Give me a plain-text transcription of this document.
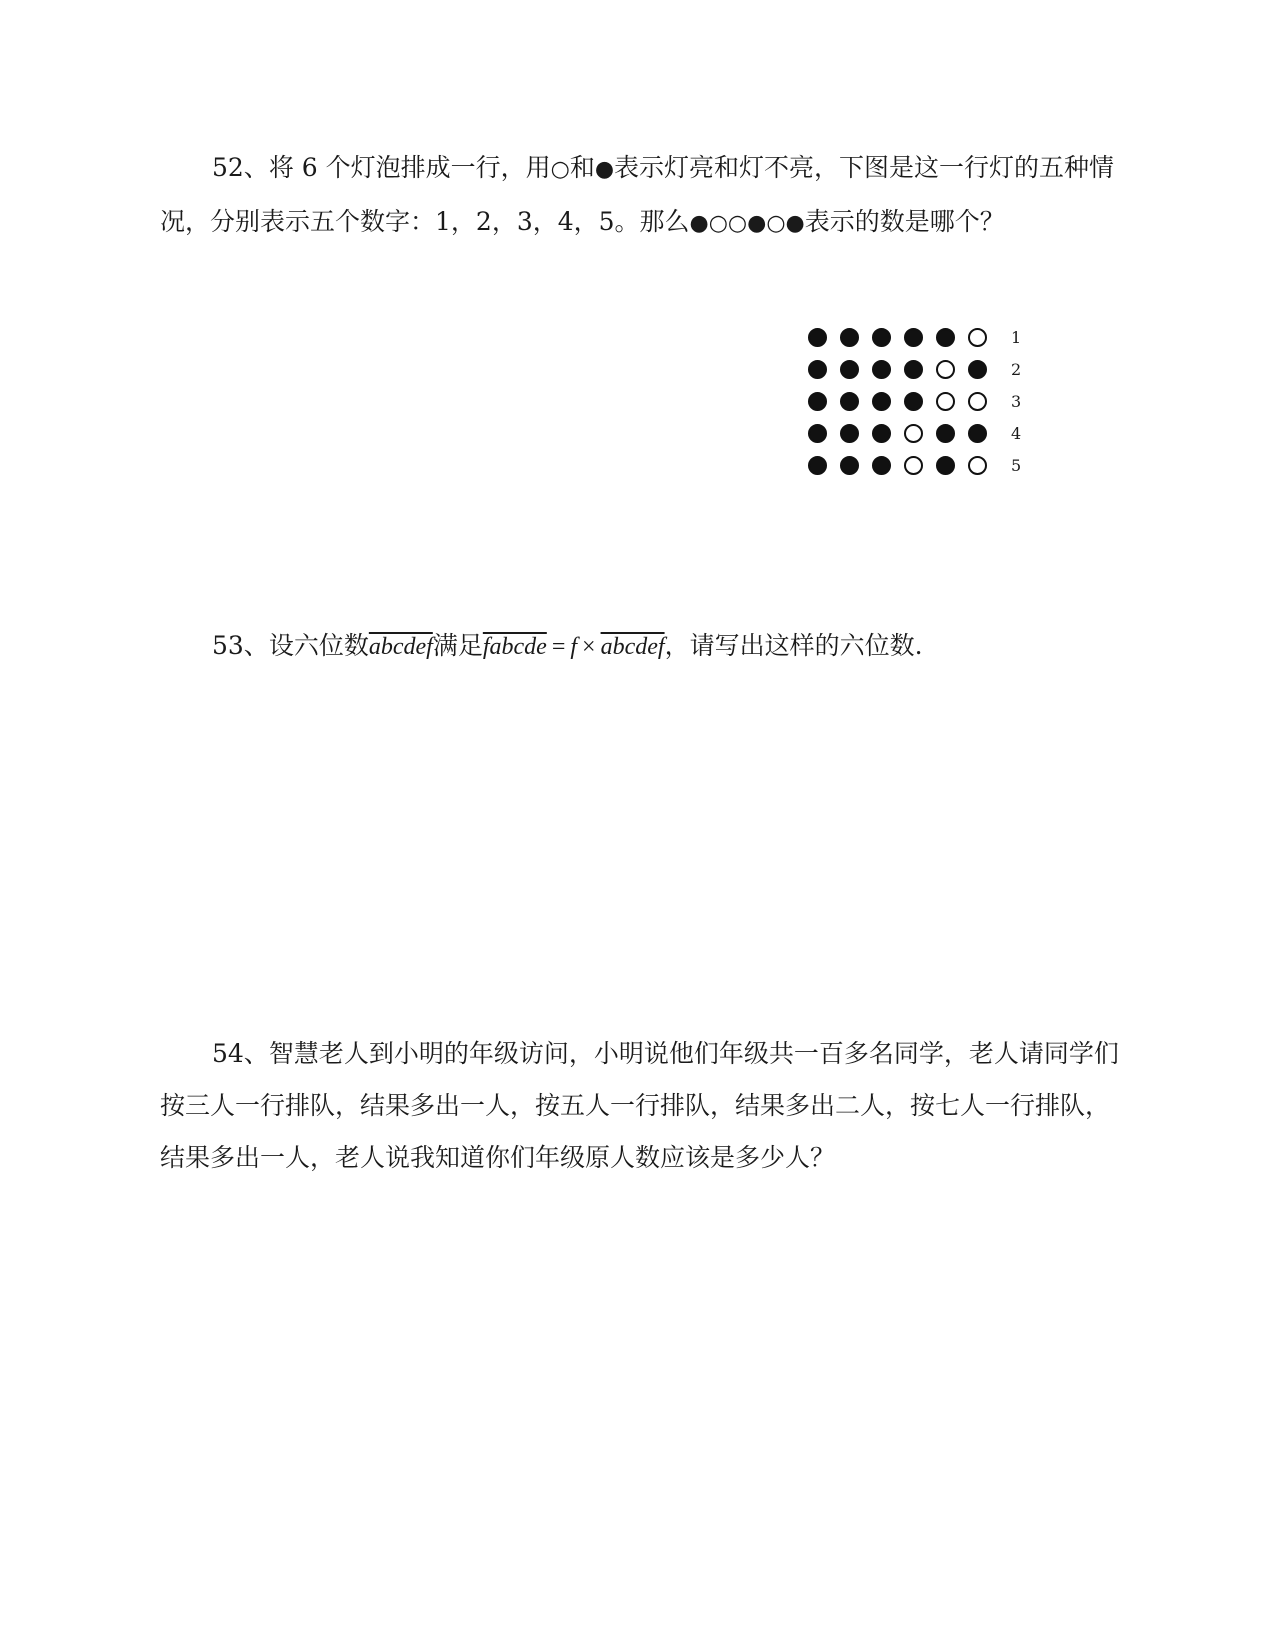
52、将 6 个灯泡排成一行，用○和●表示灯亮和灯不亮，下图是这一行灯的五种情况，分别表示五个数字：1，2，3，4，5。那么●○○●○●表示的数是哪个？
1
2
3
4
5
53、设六位数abcdef满足fabcde = f × abcdef，请写出这样的六位数.
54、智慧老人到小明的年级访问，小明说他们年级共一百多名同学，老人请同学们按三人一行排队，结果多出一人，按五人一行排队，结果多出二人，按七人一行排队，结果多出一人，老人说我知道你们年级原人数应该是多少人？
